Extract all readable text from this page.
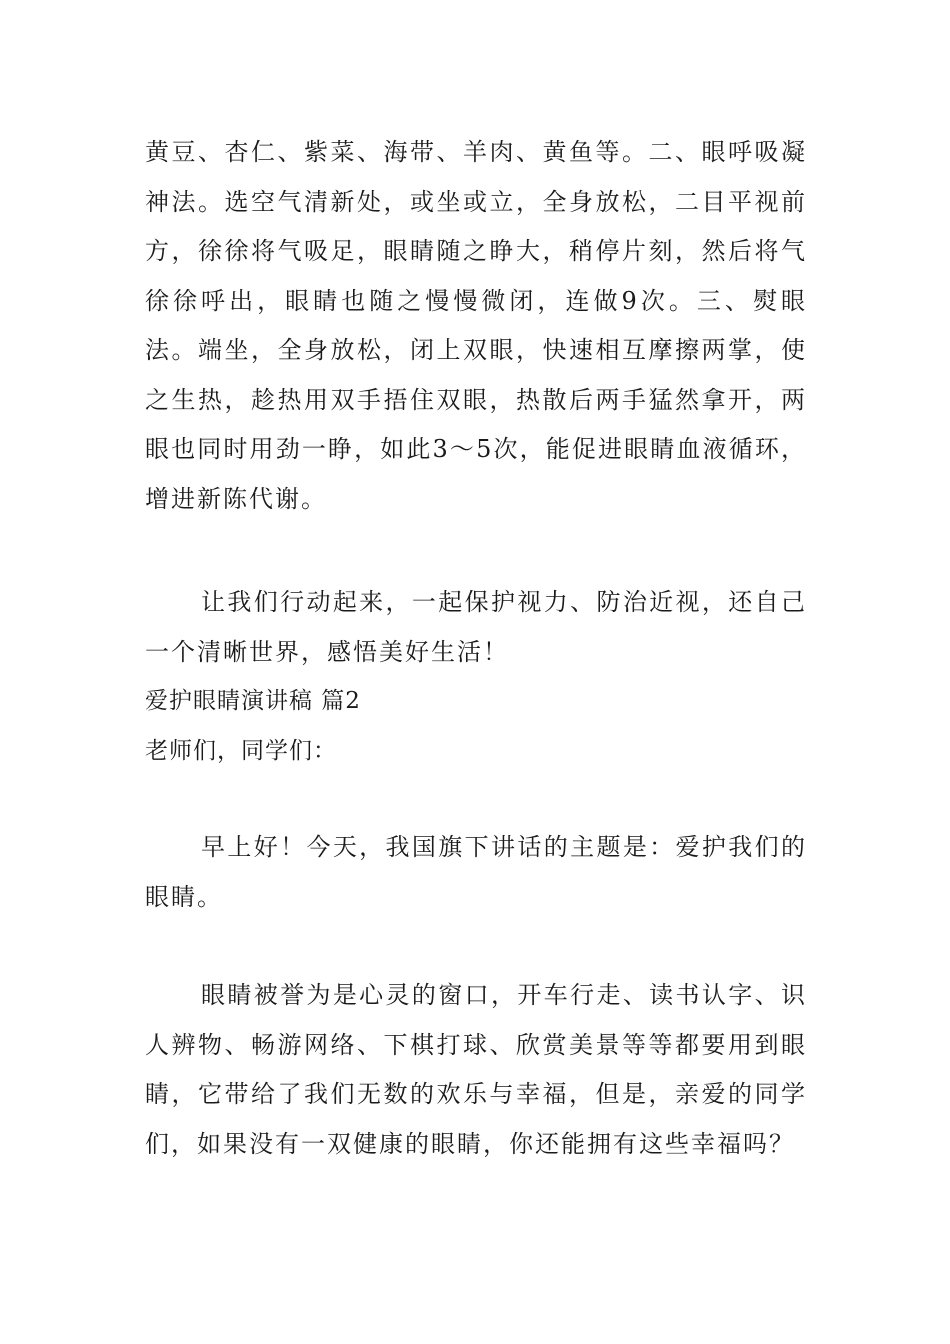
黄豆、杏仁、紫菜、海带、羊肉、黄鱼等。二、眼呼吸凝神法。选空气清新处，或坐或立，全身放松，二目平视前方，徐徐将气吸足，眼睛随之睁大，稍停片刻，然后将气徐徐呼出，眼睛也随之慢慢微闭，连做9次。三、熨眼法。端坐，全身放松，闭上双眼，快速相互摩擦两掌，使之生热，趁热用双手捂住双眼，热散后两手猛然拿开，两眼也同时用劲一睁，如此3～5次，能促进眼睛血液循环，增进新陈代谢。

让我们行动起来，一起保护视力、防治近视，还自己一个清晰世界，感悟美好生活！

爱护眼睛演讲稿 篇2

老师们，同学们：

早上好！今天，我国旗下讲话的主题是：爱护我们的眼睛。

眼睛被誉为是心灵的窗口，开车行走、读书认字、识人辨物、畅游网络、下棋打球、欣赏美景等等都要用到眼睛，它带给了我们无数的欢乐与幸福，但是，亲爱的同学们，如果没有一双健康的眼睛，你还能拥有这些幸福吗？
